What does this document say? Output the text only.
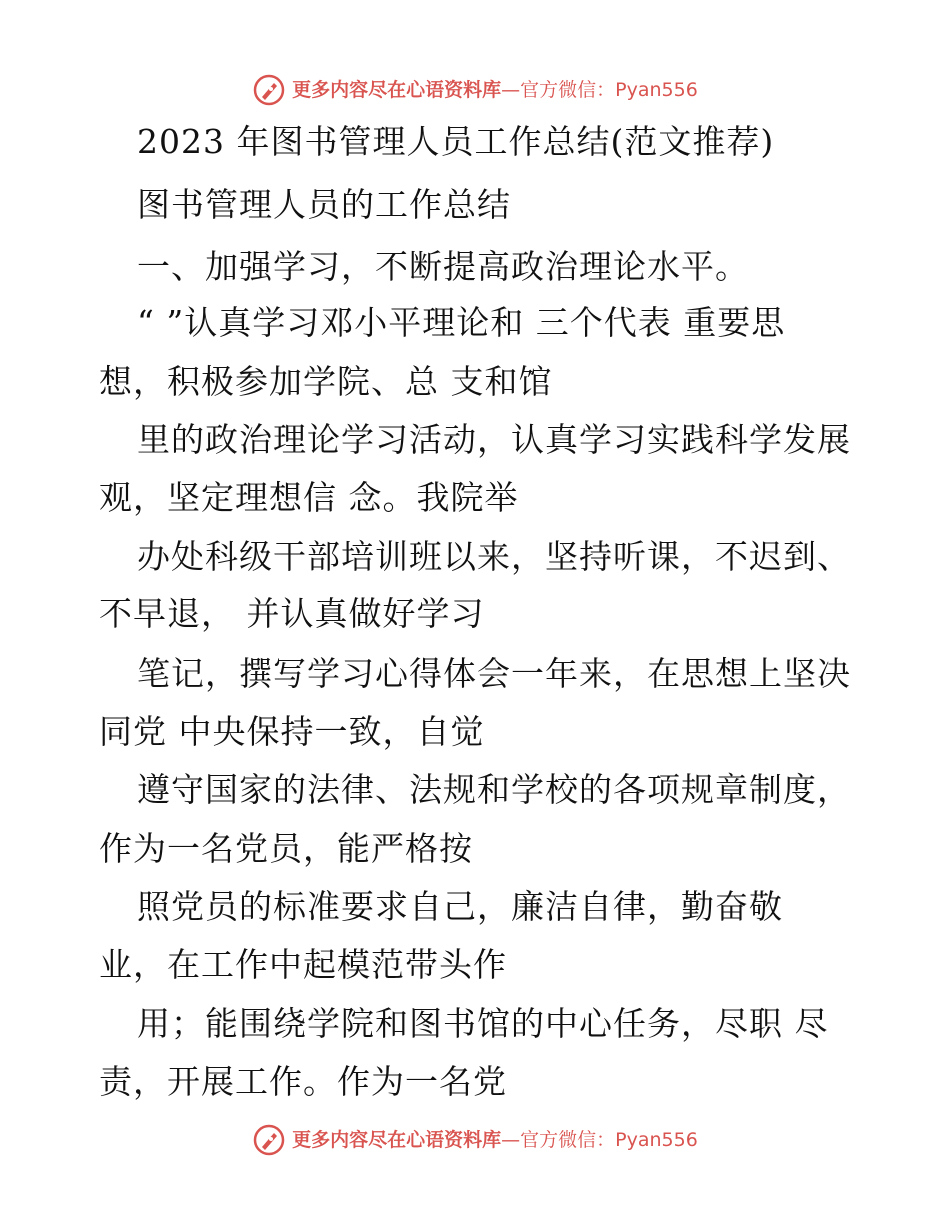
更多内容尽在心语资料库 — 官方微信：Pyan556
2023 年图书管理人员工作总结(范文推荐)
图书管理人员的工作总结
一、加强学习，不断提高政治理论水平。
“ ”认真学习邓小平理论和 三个代表 重要思
想，积极参加学院、总 支和馆
里的政治理论学习活动，认真学习实践科学发展
观，坚定理想信 念。我院举
办处科级干部培训班以来，坚持听课，不迟到、
不早退， 并认真做好学习
笔记，撰写学习心得体会一年来，在思想上坚决
同党 中央保持一致，自觉
遵守国家的法律、法规和学校的各项规章制度，
作为一名党员，能严格按
照党员的标准要求自己，廉洁自律，勤奋敬
业，在工作中起模范带头作
用；能围绕学院和图书馆的中心任务，尽职 尽
责，开展工作。作为一名党
更多内容尽在心语资料库 — 官方微信：Pyan556
